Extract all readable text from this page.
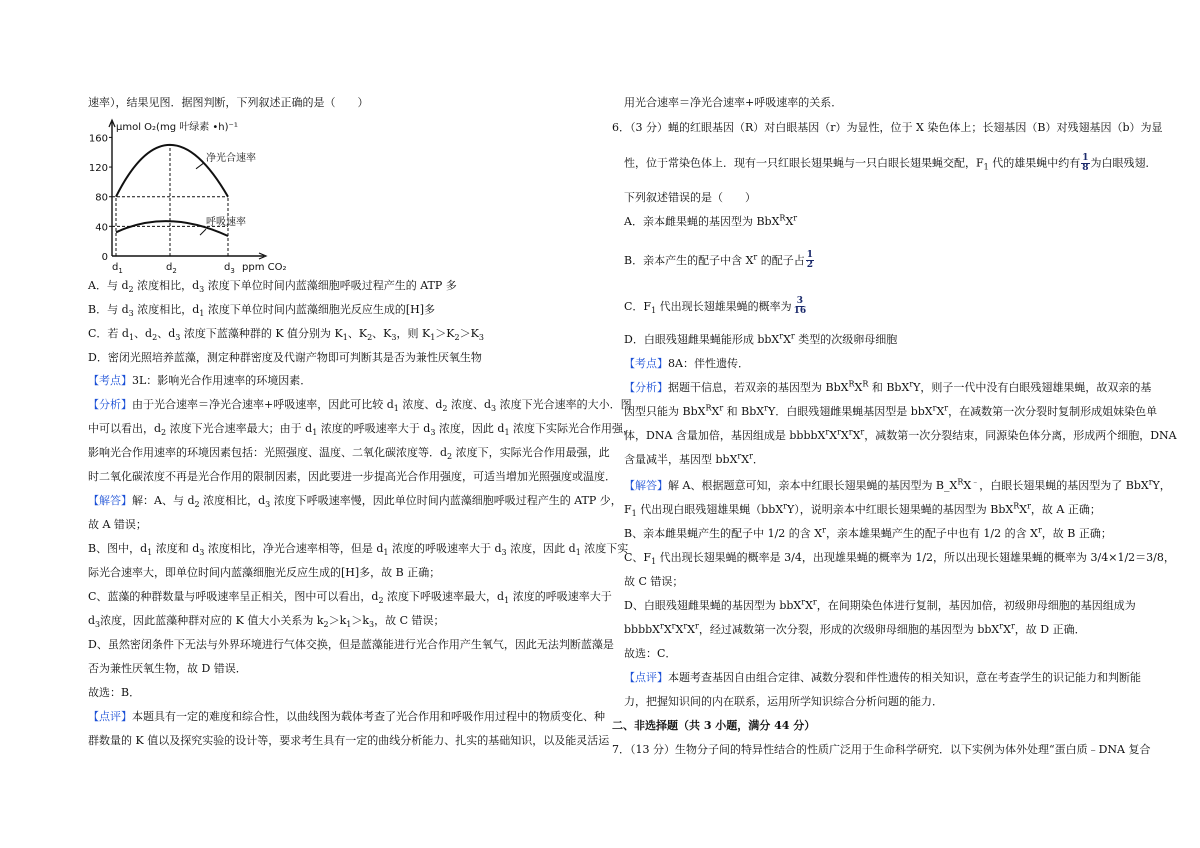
速率），结果见图．据图判断，下列叙述正确的是（　　）
μmol O₂(mg 叶绿素 •h)⁻¹
160
120
80
40
0
$d_1$	$d_2$	$d_3$ ppm CO₂
净光合速率
呼吸速率
A．与 $d_2$ 浓度相比，$d_3$ 浓度下单位时间内蓝藻细胞呼吸过程产生的 ATP 多
B．与 $d_3$ 浓度相比，$d_1$ 浓度下单位时间内蓝藻细胞光反应生成的[H]多
C．若 $d_1$、$d_2$、$d_3$ 浓度下蓝藻种群的 K 值分别为 $K_1$、$K_2$、$K_3$，则 $K_1>K_2>K_3$
D．密闭光照培养蓝藻，测定种群密度及代谢产物即可判断其是否为兼性厌氧生物
【考点】3L：影响光合作用速率的环境因素．
【分析】由于光合速率＝净光合速率+呼吸速率，因此可比较 $d_1$ 浓度、$d_2$ 浓度、$d_3$ 浓度下光合速率的大小．图
中可以看出，$d_2$ 浓度下光合速率最大；由于 $d_1$ 浓度的呼吸速率大于 $d_3$ 浓度，因此 $d_1$ 浓度下实际光合作用强，
影响光合作用速率的环境因素包括：光照强度、温度、二氧化碳浓度等．$d_2$ 浓度下，实际光合作用最强，此
时二氧化碳浓度不再是光合作用的限制因素，因此要进一步提高光合作用强度，可适当增加光照强度或温度．
【解答】解：A、与 $d_2$ 浓度相比，$d_3$ 浓度下呼吸速率慢，因此单位时间内蓝藻细胞呼吸过程产生的 ATP 少，
故 A 错误；
B、图中，$d_1$ 浓度和 $d_3$ 浓度相比，净光合速率相等，但是 $d_1$ 浓度的呼吸速率大于 $d_3$ 浓度，因此 $d_1$ 浓度下实
际光合速率大，即单位时间内蓝藻细胞光反应生成的[H]多，故 B 正确；
C、蓝藻的种群数量与呼吸速率呈正相关，图中可以看出，$d_2$ 浓度下呼吸速率最大，$d_1$ 浓度的呼吸速率大于
$d_3$浓度，因此蓝藻种群对应的 K 值大小关系为 $k_2>k_1>k_3$，故 C 错误；
D、虽然密闭条件下无法与外界环境进行气体交换，但是蓝藻能进行光合作用产生氧气，因此无法判断蓝藻是
否为兼性厌氧生物，故 D 错误．
故选：B．
【点评】本题具有一定的难度和综合性，以曲线图为载体考查了光合作用和呼吸作用过程中的物质变化、种
群数量的 K 值以及探究实验的设计等，要求考生具有一定的曲线分析能力、扎实的基础知识，以及能灵活运
用光合速率＝净光合速率+呼吸速率的关系．
6．（3 分）蝇的红眼基因（R）对白眼基因（r）为显性，位于 X 染色体上；长翅基因（B）对残翅基因（b）为显
性，位于常染色体上．现有一只红眼长翅果蝇与一只白眼长翅果蝇交配，$F_1$ 代的雄果蝇中约有 $\frac{1}{8}$ 为白眼残翅．
下列叙述错误的是（　　）
A．亲本雌果蝇的基因型为 $BbX^RX^r$
B．亲本产生的配子中含 $X^r$ 的配子占 $\frac{1}{2}$
C．$F_1$ 代出现长翅雄果蝇的概率为 $\frac{3}{16}$
D．白眼残翅雌果蝇能形成 $bbX^rX^r$ 类型的次级卵母细胞
【考点】8A：伴性遗传．
【分析】据题干信息，若双亲的基因型为 $BbX^RX^R$ 和 BbX$^r$Y，则子一代中没有白眼残翅雄果蝇，故双亲的基
因型只能为 $BbX^RX^r$ 和 BbX$^r$Y．白眼残翅雌果蝇基因型是 $bbX^rX^r$，在减数第一次分裂时复制形成姐妹染色单
体，DNA 含量加倍，基因组成是 $bbbbX^rX^rX^rX^r$，减数第一次分裂结束，同源染色体分离，形成两个细胞，DNA
含量减半，基因型 $bbX^rX^r$．
【解答】解 A、根据题意可知，亲本中红眼长翅果蝇的基因型为 $B\_X^RX^﹣$，白眼长翅果蝇的基因型为了 BbX$^r$Y，
$F_1$ 代出现白眼残翅雄果蝇（bbX$^r$Y），说明亲本中红眼长翅果蝇的基因型为 $BbX^RX^r$，故 A 正确；
B、亲本雌果蝇产生的配子中 1/2 的含 $X^r$，亲本雄果蝇产生的配子中也有 1/2 的含 $X^r$，故 B 正确；
C、$F_1$ 代出现长翅果蝇的概率是 3/4，出现雄果蝇的概率为 1/2，所以出现长翅雄果蝇的概率为 3/4×1/2＝3/8，
故 C 错误；
D、白眼残翅雌果蝇的基因型为 $bbX^rX^r$，在间期染色体进行复制，基因加倍，初级卵母细胞的基因组成为
$bbbbX^rX^rX^rX^r$，经过减数第一次分裂，形成的次级卵母细胞的基因型为 $bbX^rX^r$，故 D 正确．
故选：C．
【点评】本题考查基因自由组合定律、减数分裂和伴性遗传的相关知识，意在考查学生的识记能力和判断能
力，把握知识间的内在联系，运用所学知识综合分析问题的能力．
二、非选择题（共 3 小题，满分 44 分）
7．（13 分）生物分子间的特异性结合的性质广泛用于生命科学研究．以下实例为体外处理“蛋白质﹣DNA 复合
